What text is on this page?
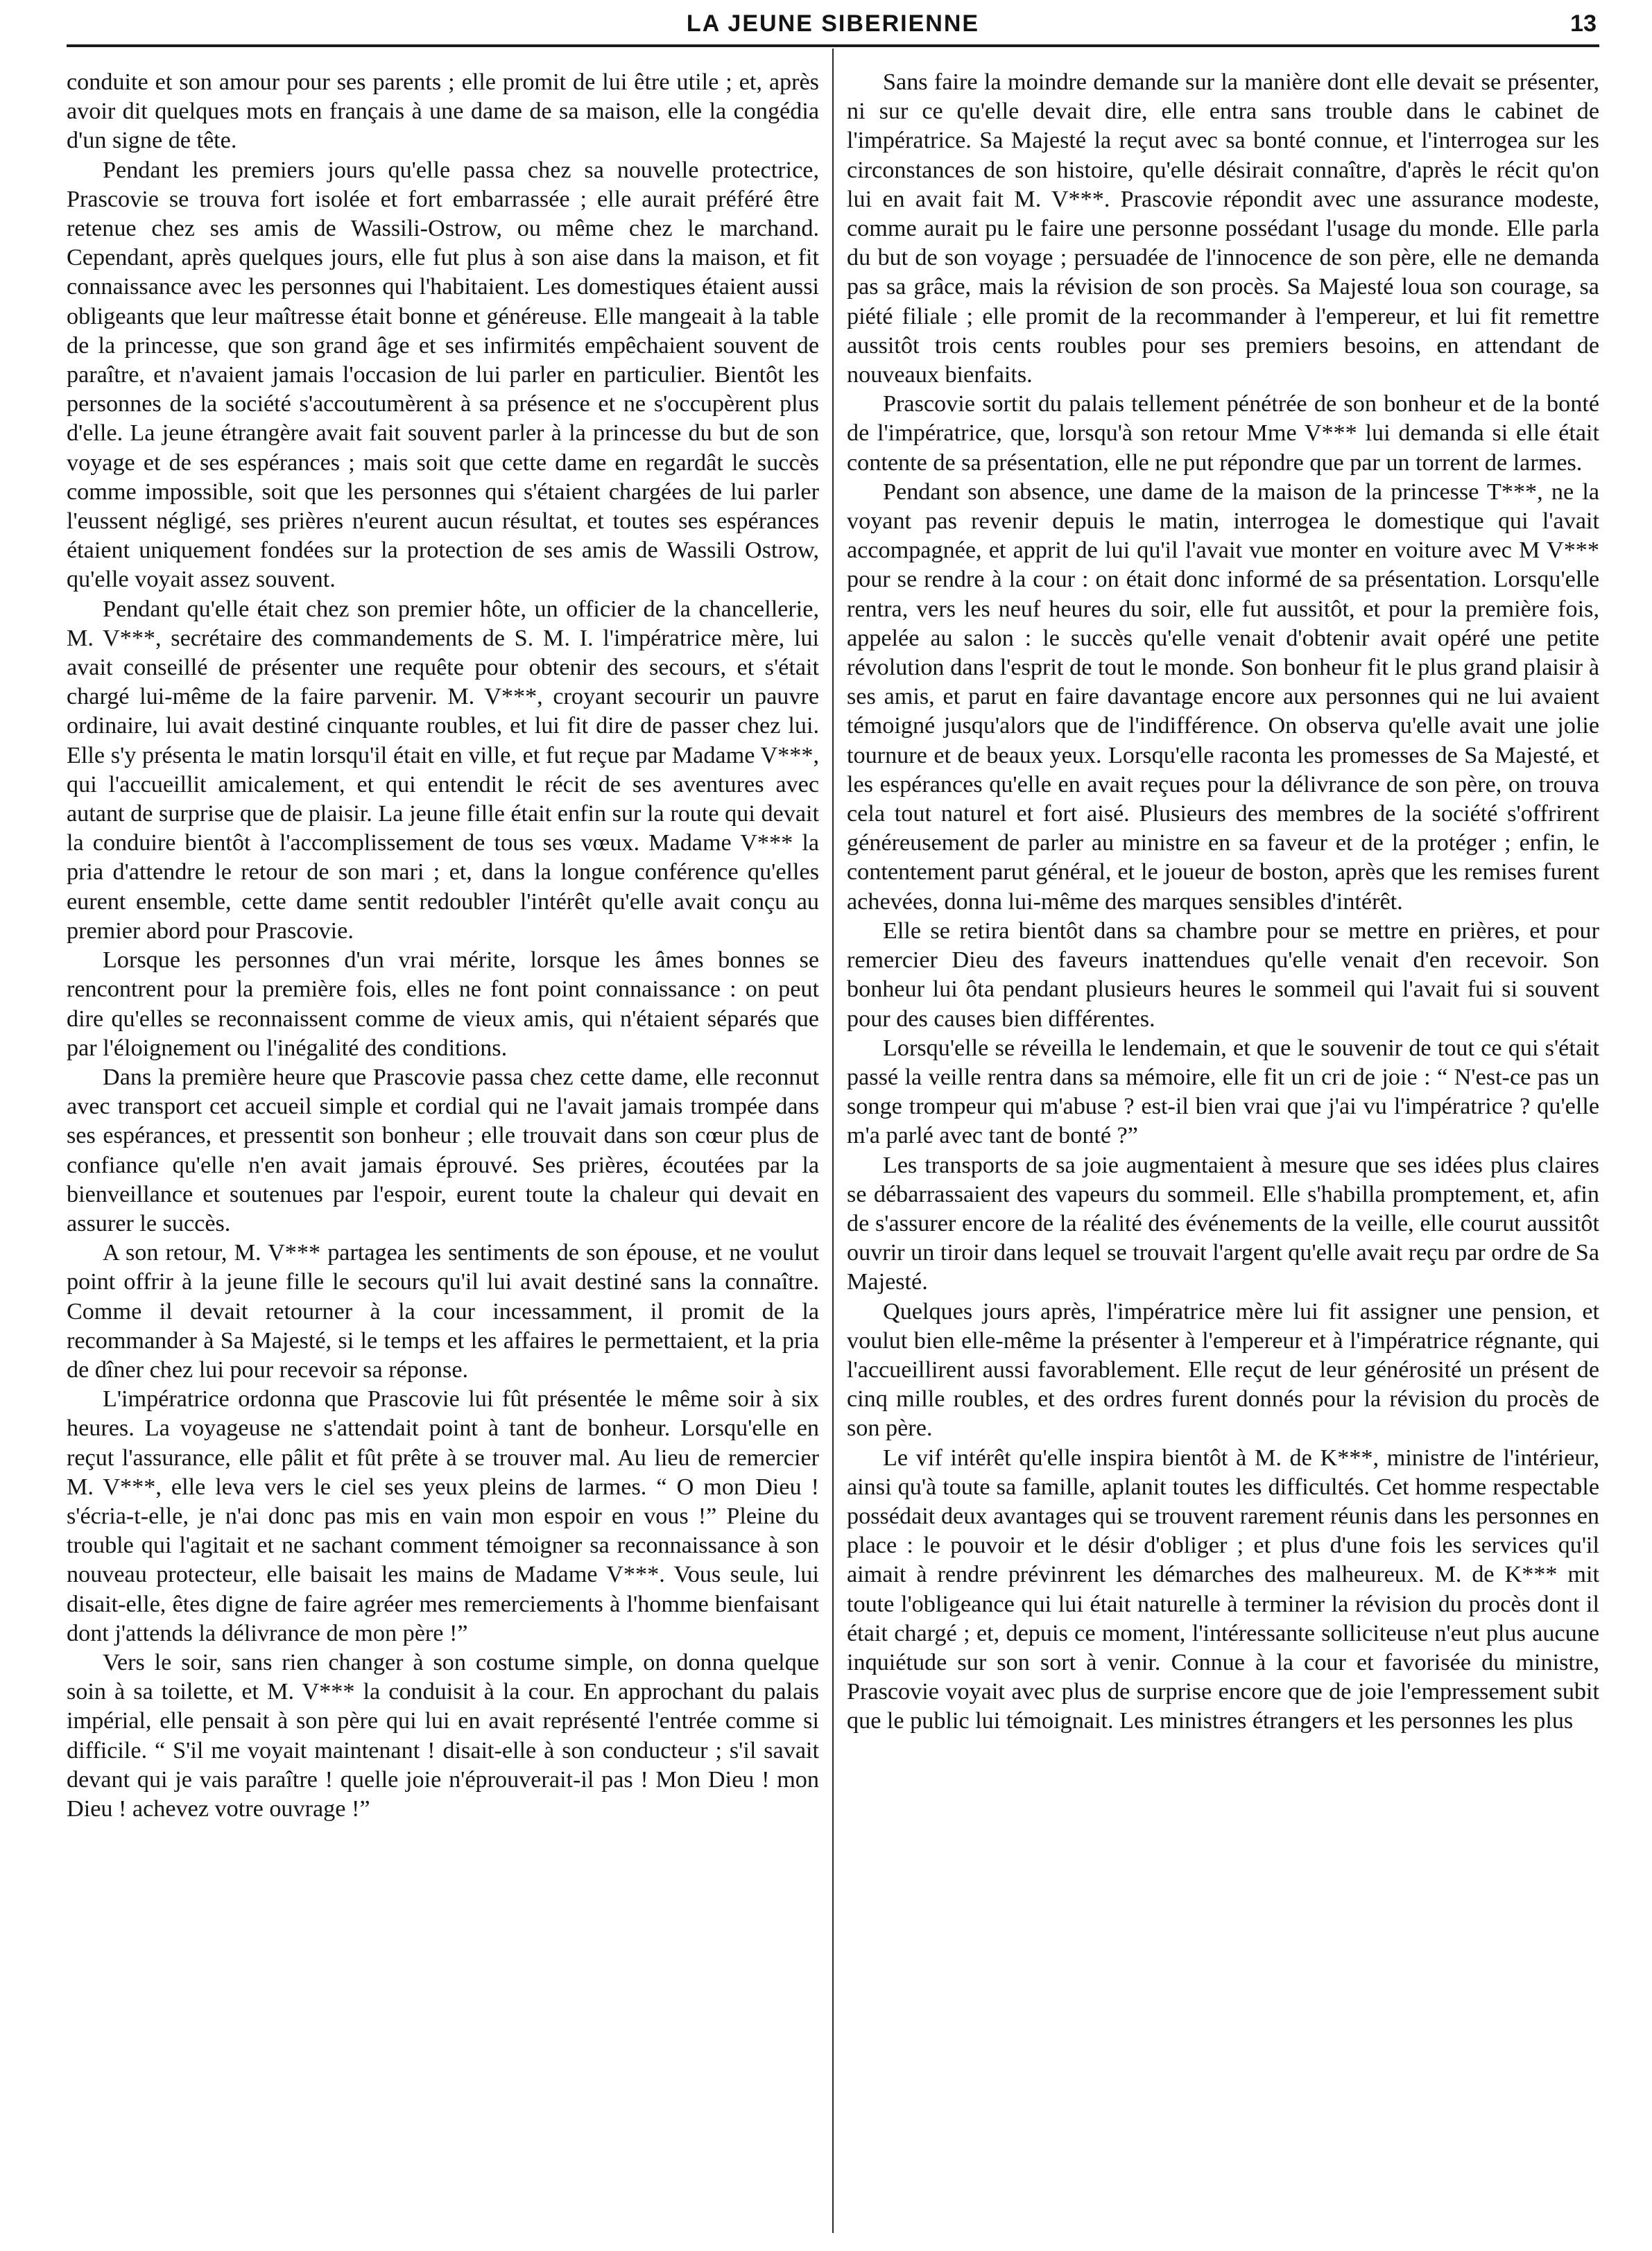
LA JEUNE SIBERIENNE	13

conduite et son amour pour ses parents ; elle promit de lui être utile ; et, après avoir dit quelques mots en français à une dame de sa maison, elle la congédia d'un signe de tête.

Pendant les premiers jours qu'elle passa chez sa nouvelle protectrice, Prascovie se trouva fort isolée et fort embarrassée ; elle aurait préféré être retenue chez ses amis de Wassili-Ostrow, ou même chez le marchand. Cependant, après quelques jours, elle fut plus à son aise dans la maison, et fit connaissance avec les personnes qui l'habitaient. Les domestiques étaient aussi obligeants que leur maîtresse était bonne et généreuse. Elle mangeait à la table de la princesse, que son grand âge et ses infirmités empêchaient souvent de paraître, et n'avaient jamais l'occasion de lui parler en particulier. Bientôt les personnes de la société s'accoutumèrent à sa présence et ne s'occupèrent plus d'elle. La jeune étrangère avait fait souvent parler à la princesse du but de son voyage et de ses espérances ; mais soit que cette dame en regardât le succès comme impossible, soit que les personnes qui s'étaient chargées de lui parler l'eussent négligé, ses prières n'eurent aucun résultat, et toutes ses espérances étaient uniquement fondées sur la protection de ses amis de Wassili Ostrow, qu'elle voyait assez souvent.

Pendant qu'elle était chez son premier hôte, un officier de la chancellerie, M. V***, secrétaire des commandements de S. M. I. l'impératrice mère, lui avait conseillé de présenter une requête pour obtenir des secours, et s'était chargé lui-même de la faire parvenir. M. V***, croyant secourir un pauvre ordinaire, lui avait destiné cinquante roubles, et lui fit dire de passer chez lui. Elle s'y présenta le matin lorsqu'il était en ville, et fut reçue par Madame V***, qui l'accueillit amicalement, et qui entendit le récit de ses aventures avec autant de surprise que de plaisir. La jeune fille était enfin sur la route qui devait la conduire bientôt à l'accomplissement de tous ses vœux. Madame V*** la pria d'attendre le retour de son mari ; et, dans la longue conférence qu'elles eurent ensemble, cette dame sentit redoubler l'intérêt qu'elle avait conçu au premier abord pour Prascovie.

Lorsque les personnes d'un vrai mérite, lorsque les âmes bonnes se rencontrent pour la première fois, elles ne font point connaissance : on peut dire qu'elles se reconnaissent comme de vieux amis, qui n'étaient séparés que par l'éloignement ou l'inégalité des conditions.

Dans la première heure que Prascovie passa chez cette dame, elle reconnut avec transport cet accueil simple et cordial qui ne l'avait jamais trompée dans ses espérances, et pressentit son bonheur ; elle trouvait dans son cœur plus de confiance qu'elle n'en avait jamais éprouvé. Ses prières, écoutées par la bienveillance et soutenues par l'espoir, eurent toute la chaleur qui devait en assurer le succès.

A son retour, M. V*** partagea les sentiments de son épouse, et ne voulut point offrir à la jeune fille le secours qu'il lui avait destiné sans la connaître. Comme il devait retourner à la cour incessamment, il promit de la recommander à Sa Majesté, si le temps et les affaires le permettaient, et la pria de dîner chez lui pour recevoir sa réponse.

L'impératrice ordonna que Prascovie lui fût présentée le même soir à six heures. La voyageuse ne s'attendait point à tant de bonheur. Lorsqu'elle en reçut l'assurance, elle pâlit et fût prête à se trouver mal. Au lieu de remercier M. V***, elle leva vers le ciel ses yeux pleins de larmes. “ O mon Dieu ! s'écria-t-elle, je n'ai donc pas mis en vain mon espoir en vous !” Pleine du trouble qui l'agitait et ne sachant comment témoigner sa reconnaissance à son nouveau protecteur, elle baisait les mains de Madame V***. Vous seule, lui disait-elle, êtes digne de faire agréer mes remerciements à l'homme bienfaisant dont j'attends la délivrance de mon père !”

Vers le soir, sans rien changer à son costume simple, on donna quelque soin à sa toilette, et M. V*** la conduisit à la cour. En approchant du palais impérial, elle pensait à son père qui lui en avait représenté l'entrée comme si difficile. “ S'il me voyait maintenant ! disait-elle à son conducteur ; s'il savait devant qui je vais paraître ! quelle joie n'éprouverait-il pas ! Mon Dieu ! mon Dieu ! achevez votre ouvrage !”

Sans faire la moindre demande sur la manière dont elle devait se présenter, ni sur ce qu'elle devait dire, elle entra sans trouble dans le cabinet de l'impératrice. Sa Majesté la reçut avec sa bonté connue, et l'interrogea sur les circonstances de son histoire, qu'elle désirait connaître, d'après le récit qu'on lui en avait fait M. V***. Prascovie répondit avec une assurance modeste, comme aurait pu le faire une personne possédant l'usage du monde. Elle parla du but de son voyage ; persuadée de l'innocence de son père, elle ne demanda pas sa grâce, mais la révision de son procès. Sa Majesté loua son courage, sa piété filiale ; elle promit de la recommander à l'empereur, et lui fit remettre aussitôt trois cents roubles pour ses premiers besoins, en attendant de nouveaux bienfaits.

Prascovie sortit du palais tellement pénétrée de son bonheur et de la bonté de l'impératrice, que, lorsqu'à son retour Mme V*** lui demanda si elle était contente de sa présentation, elle ne put répondre que par un torrent de larmes.

Pendant son absence, une dame de la maison de la princesse T***, ne la voyant pas revenir depuis le matin, interrogea le domestique qui l'avait accompagnée, et apprit de lui qu'il l'avait vue monter en voiture avec M V*** pour se rendre à la cour : on était donc informé de sa présentation. Lorsqu'elle rentra, vers les neuf heures du soir, elle fut aussitôt, et pour la première fois, appelée au salon : le succès qu'elle venait d'obtenir avait opéré une petite révolution dans l'esprit de tout le monde. Son bonheur fit le plus grand plaisir à ses amis, et parut en faire davantage encore aux personnes qui ne lui avaient témoigné jusqu'alors que de l'indifférence. On observa qu'elle avait une jolie tournure et de beaux yeux. Lorsqu'elle raconta les promesses de Sa Majesté, et les espérances qu'elle en avait reçues pour la délivrance de son père, on trouva cela tout naturel et fort aisé. Plusieurs des membres de la société s'offrirent généreusement de parler au ministre en sa faveur et de la protéger ; enfin, le contentement parut général, et le joueur de boston, après que les remises furent achevées, donna lui-même des marques sensibles d'intérêt.

Elle se retira bientôt dans sa chambre pour se mettre en prières, et pour remercier Dieu des faveurs inattendues qu'elle venait d'en recevoir. Son bonheur lui ôta pendant plusieurs heures le sommeil qui l'avait fui si souvent pour des causes bien différentes.

Lorsqu'elle se réveilla le lendemain, et que le souvenir de tout ce qui s'était passé la veille rentra dans sa mémoire, elle fit un cri de joie : “ N'est-ce pas un songe trompeur qui m'abuse ? est-il bien vrai que j'ai vu l'impératrice ? qu'elle m'a parlé avec tant de bonté ?”

Les transports de sa joie augmentaient à mesure que ses idées plus claires se débarrassaient des vapeurs du sommeil. Elle s'habilla promptement, et, afin de s'assurer encore de la réalité des événements de la veille, elle courut aussitôt ouvrir un tiroir dans lequel se trouvait l'argent qu'elle avait reçu par ordre de Sa Majesté.

Quelques jours après, l'impératrice mère lui fit assigner une pension, et voulut bien elle-même la présenter à l'empereur et à l'impératrice régnante, qui l'accueillirent aussi favorablement. Elle reçut de leur générosité un présent de cinq mille roubles, et des ordres furent donnés pour la révision du procès de son père.

Le vif intérêt qu'elle inspira bientôt à M. de K***, ministre de l'intérieur, ainsi qu'à toute sa famille, aplanit toutes les difficultés. Cet homme respectable possédait deux avantages qui se trouvent rarement réunis dans les personnes en place : le pouvoir et le désir d'obliger ; et plus d'une fois les services qu'il aimait à rendre prévinrent les démarches des malheureux. M. de K*** mit toute l'obligeance qui lui était naturelle à terminer la révision du procès dont il était chargé ; et, depuis ce moment, l'intéressante solliciteuse n'eut plus aucune inquiétude sur son sort à venir. Connue à la cour et favorisée du ministre, Prascovie voyait avec plus de surprise encore que de joie l'empressement subit que le public lui témoignait. Les ministres étrangers et les personnes les plus
